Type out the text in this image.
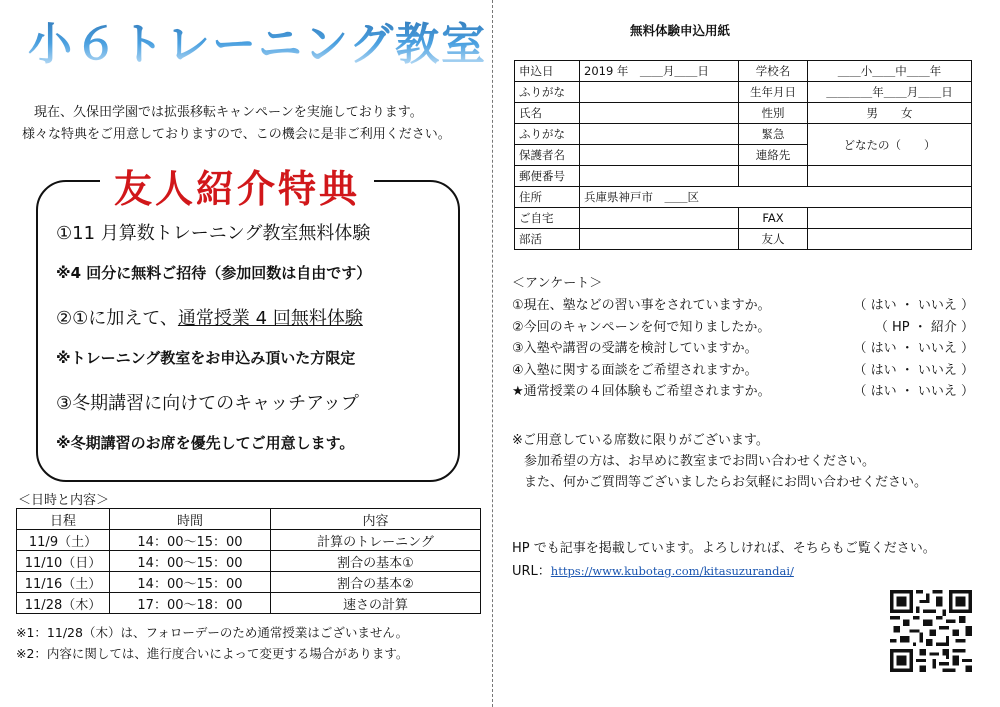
小６トレーニング教室

現在、久保田学園では拡張移転キャンペーンを実施しております。

様々な特典をご用意しておりますので、この機会に是非ご利用ください。

友人紹介特典
①11 月算数トレーニング教室無料体験
※4 回分に無料ご招待（参加回数は自由です）
②①に加えて、通常授業 4 回無料体験
※トレーニング教室をお申込み頂いた方限定
③冬期講習に向けてのキャッチアップ
※冬期講習のお席を優先してご用意します。
＜日時と内容＞
日程	時間	内容
11/9（土）	14：00〜15：00	計算のトレーニング
11/10（日）	14：00〜15：00	割合の基本①
11/16（土）	14：00〜15：00	割合の基本②
11/28（木）	17：00〜18：00	速さの計算

※1：11/28（木）は、フォローデーのため通常授業はございません。

※2：内容に関しては、進行度合いによって変更する場合があります。

無料体験申込用紙
申込日	2019 年　＿＿月＿＿日	学校名	＿＿小＿＿中＿＿年
ふりがな		生年月日	＿＿＿＿年＿＿月＿＿日
氏名		性別	男　　女
ふりがな		緊急	どなたの（　　）
保護者名		連絡先	
郵便番号			
住所	兵庫県神戸市　＿＿区		
ご自宅		FAX	
部活		友人	
＜アンケート＞
①現在、塾などの習い事をされていますか。	（ はい ・ いいえ ）
②今回のキャンペーンを何で知りましたか。	（ HP ・ 紹介 ）
③入塾や講習の受講を検討していますか。	（ はい ・ いいえ ）
④入塾に関する面談をご希望されますか。	（ はい ・ いいえ ）
★通常授業の４回体験もご希望されますか。	（ はい ・ いいえ ）

※ご用意している席数に限りがございます。

参加希望の方は、お早めに教室までお問い合わせください。

また、何かご質問等ございましたらお気軽にお問い合わせください。

HP でも記事を掲載しています。よろしければ、そちらもご覧ください。

URL：https://www.kubotag.com/kitasuzurandai/
